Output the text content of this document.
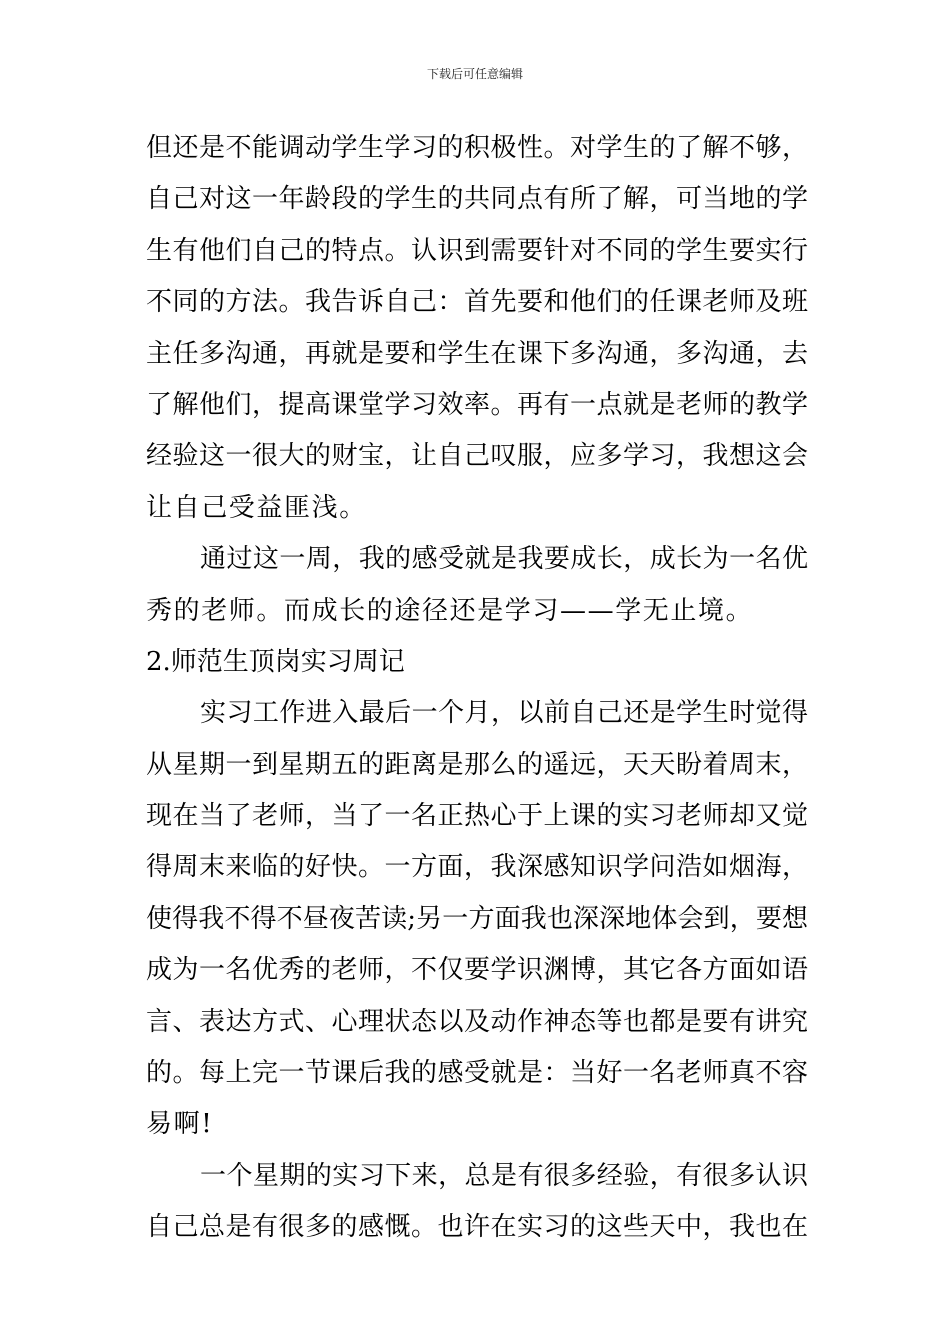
下载后可任意编辑
但还是不能调动学生学习的积极性。对学生的了解不够，
自己对这一年龄段的学生的共同点有所了解，可当地的学
生有他们自己的特点。认识到需要针对不同的学生要实行
不同的方法。我告诉自己：首先要和他们的任课老师及班
主任多沟通，再就是要和学生在课下多沟通，多沟通，去
了解他们，提高课堂学习效率。再有一点就是老师的教学
经验这一很大的财宝，让自己叹服，应多学习，我想这会
让自己受益匪浅。
通过这一周，我的感受就是我要成长，成长为一名优
秀的老师。而成长的途径还是学习——学无止境。
2.师范生顶岗实习周记
实习工作进入最后一个月，以前自己还是学生时觉得
从星期一到星期五的距离是那么的遥远，天天盼着周末，
现在当了老师，当了一名正热心于上课的实习老师却又觉
得周末来临的好快。一方面，我深感知识学问浩如烟海，
使得我不得不昼夜苦读;另一方面我也深深地体会到，要想
成为一名优秀的老师，不仅要学识渊博，其它各方面如语
言、表达方式、心理状态以及动作神态等也都是要有讲究
的。每上完一节课后我的感受就是：当好一名老师真不容
易啊!
一个星期的实习下来，总是有很多经验，有很多认识
自己总是有很多的感慨。也许在实习的这些天中，我也在
